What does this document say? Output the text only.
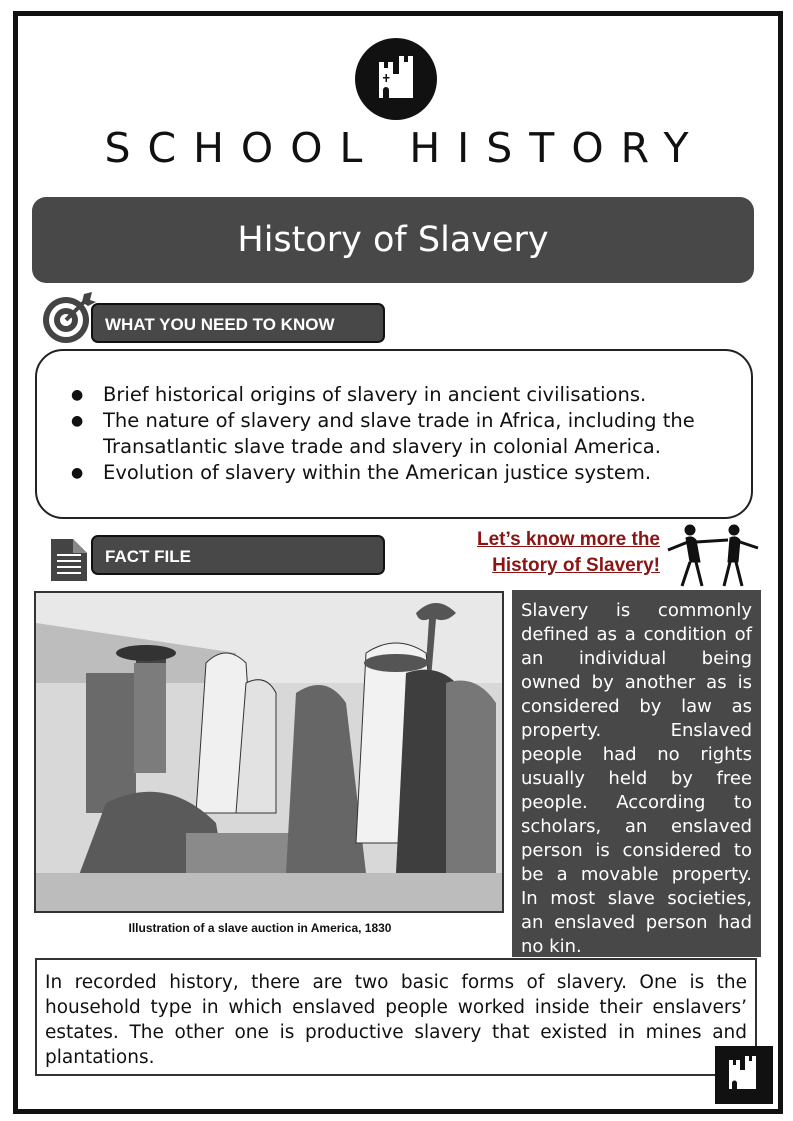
SCHOOL HISTORY
History of Slavery
WHAT YOU NEED TO KNOW
● Brief historical origins of slavery in ancient civilisations.
● The nature of slavery and slave trade in Africa, including the Transatlantic slave trade and slavery in colonial America.
● Evolution of slavery within the American justice system.
FACT FILE
Let’s know more the
History of Slavery!
Illustration of a slave auction in America, 1830

Slavery is commonly defined as a condition of an individual being owned by another as is considered by law as property. Enslaved people had no rights usually held by free people. According to scholars, an enslaved person is considered to be a movable property. In most slave societies, an enslaved person had no kin.

In recorded history, there are two basic forms of slavery. One is the household type in which enslaved people worked inside their enslavers’ estates. The other one is productive slavery that existed in mines and plantations.
